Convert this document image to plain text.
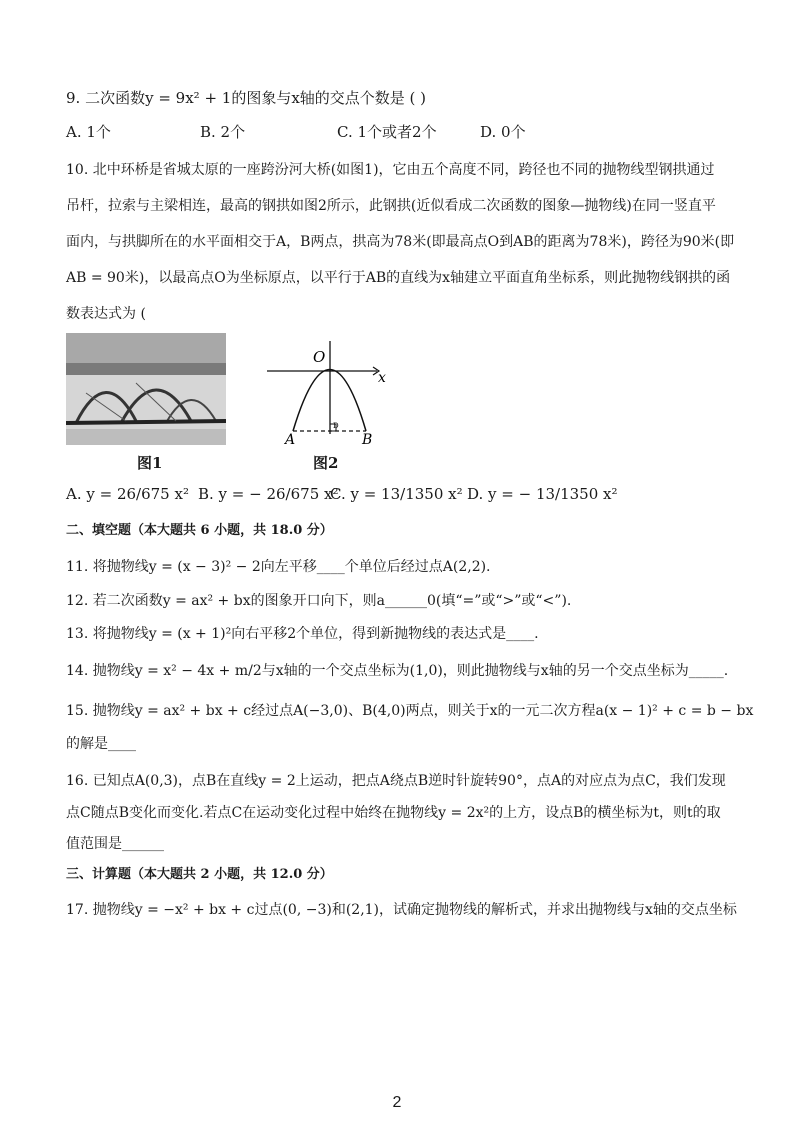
9. 二次函数y = 9x² + 1的图象与x轴的交点个数是 ( )
A. 1个	B. 2个	C. 1个或者2个	D. 0个
10. 北中环桥是省城太原的一座跨汾河大桥(如图1)，它由五个高度不同，跨径也不同的抛物线型钢拱通过
吊杆，拉索与主梁相连，最高的钢拱如图2所示，此钢拱(近似看成二次函数的图象—抛物线)在同一竖直平
面内，与拱脚所在的水平面相交于A，B两点，拱高为78米(即最高点O到AB的距离为78米)，跨径为90米(即
AB = 90米)，以最高点O为坐标原点，以平行于AB的直线为x轴建立平面直角坐标系，则此抛物线钢拱的函
数表达式为 (
图1
O
x
A	B
D
图2
A. y = 26/675 x² B. y = − 26/675 x²
C. y = 13/1350 x² D. y = − 13/1350 x²
二、填空题（本大题共 6 小题，共 18.0 分）
11. 将抛物线y = (x − 3)² − 2向左平移____个单位后经过点A(2,2).
12. 若二次函数y = ax² + bx的图象开口向下，则a______0(填“=”或“>”或“<”).
13. 将抛物线y = (x + 1)²向右平移2个单位，得到新抛物线的表达式是____.
14. 抛物线y = x² − 4x + m/2与x轴的一个交点坐标为(1,0)，则此抛物线与x轴的另一个交点坐标为_____.
15. 抛物线y = ax² + bx + c经过点A(−3,0)、B(4,0)两点，则关于x的一元二次方程a(x − 1)² + c = b − bx
的解是____
16. 已知点A(0,3)，点B在直线y = 2上运动，把点A绕点B逆时针旋转90°，点A的对应点为点C，我们发现
点C随点B变化而变化.若点C在运动变化过程中始终在抛物线y = 2x²的上方，设点B的横坐标为t，则t的取
值范围是______
三、计算题（本大题共 2 小题，共 12.0 分）
17. 抛物线y = −x² + bx + c过点(0, −3)和(2,1)，试确定抛物线的解析式，并求出抛物线与x轴的交点坐标
2
